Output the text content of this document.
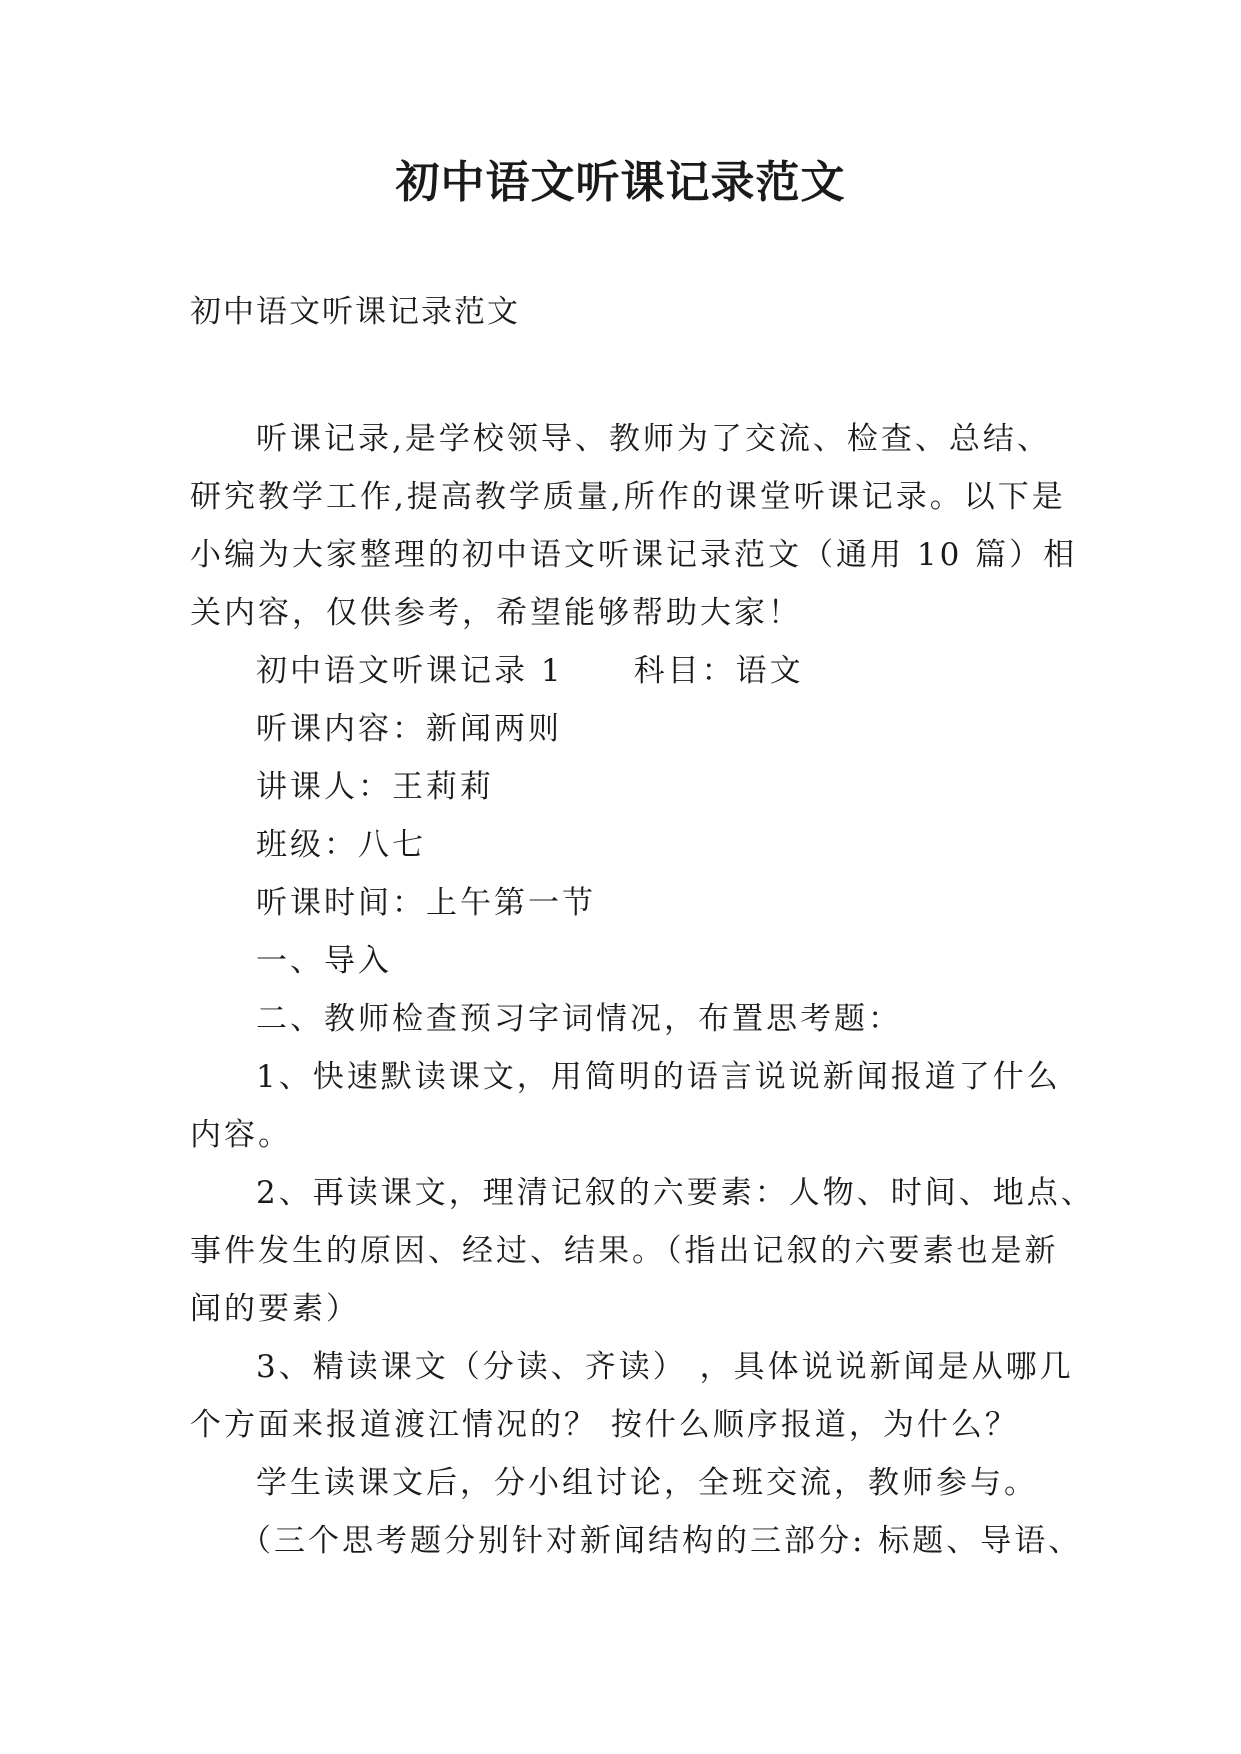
初中语文听课记录范文

初中语文听课记录范文

听课记录,是学校领导、教师为了交流、检查、总结、
研究教学工作,提高教学质量,所作的课堂听课记录。以下是
小编为大家整理的初中语文听课记录范文（通用 10 篇）相
关内容，仅供参考，希望能够帮助大家！
初中语文听课记录 1 科目：语文
听课内容：新闻两则
讲课人：王莉莉
班级：八七
听课时间：上午第一节
一、导入
二、教师检查预习字词情况，布置思考题：
1、快速默读课文，用简明的语言说说新闻报道了什么
内容。
2、再读课文，理清记叙的六要素：人物、时间、地点、
事件发生的原因、经过、结果。（指出记叙的六要素也是新
闻的要素）
3、精读课文（分读、齐读） ，具体说说新闻是从哪几
个方面来报道渡江情况的？ 按什么顺序报道，为什么？
学生读课文后，分小组讨论，全班交流，教师参与。
（三个思考题分别针对新闻结构的三部分: 标题、导语、
